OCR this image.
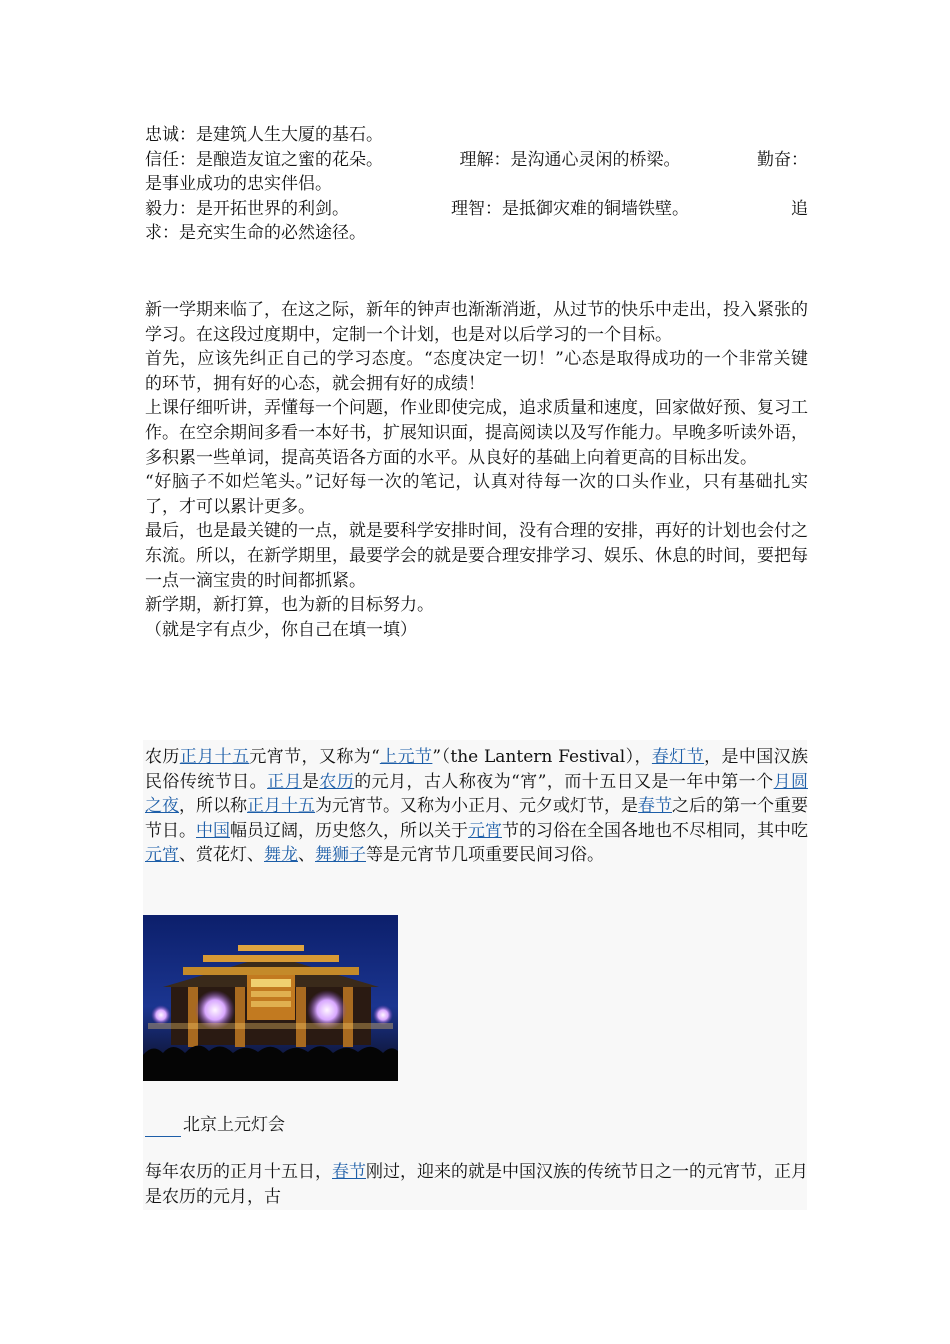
忠诚：是建筑人生大厦的基石。

信任：是酿造友谊之蜜的花朵。	理解：是沟通心灵闲的桥梁。	勤奋：

是事业成功的忠实伴侣。

毅力：是开拓世界的利剑。	理智：是抵御灾难的铜墙铁壁。	追

求：是充实生命的必然途径。

新一学期来临了，在这之际，新年的钟声也渐渐消逝，从过节的快乐中走出，投入紧张的学习。在这段过度期中，定制一个计划，也是对以后学习的一个目标。

首先，应该先纠正自己的学习态度。“态度决定一切！”心态是取得成功的一个非常关键的环节，拥有好的心态，就会拥有好的成绩！

上课仔细听讲，弄懂每一个问题，作业即使完成，追求质量和速度，回家做好预、复习工作。在空余期间多看一本好书，扩展知识面，提高阅读以及写作能力。早晚多听读外语，多积累一些单词，提高英语各方面的水平。从良好的基础上向着更高的目标出发。

“好脑子不如烂笔头。”记好每一次的笔记，认真对待每一次的口头作业，只有基础扎实了，才可以累计更多。

最后，也是最关键的一点，就是要科学安排时间，没有合理的安排，再好的计划也会付之东流。所以，在新学期里，最要学会的就是要合理安排学习、娱乐、休息的时间，要把每一点一滴宝贵的时间都抓紧。

新学期，新打算，也为新的目标努力。

（就是字有点少，你自己在填一填）

农历正月十五元宵节，又称为“上元节”（the Lantern Festival），春灯节，是中国汉族民俗传统节日。正月是农历的元月，古人称夜为“宵”，而十五日又是一年中第一个月圆之夜，所以称正月十五为元宵节。又称为小正月、元夕或灯节，是春节之后的第一个重要节日。中国幅员辽阔，历史悠久，所以关于元宵节的习俗在全国各地也不尽相同，其中吃元宵、赏花灯、舞龙、舞狮子等是元宵节几项重要民间习俗。

北京上元灯会

每年农历的正月十五日，春节刚过，迎来的就是中国汉族的传统节日之一的元宵节，正月是农历的元月，古
